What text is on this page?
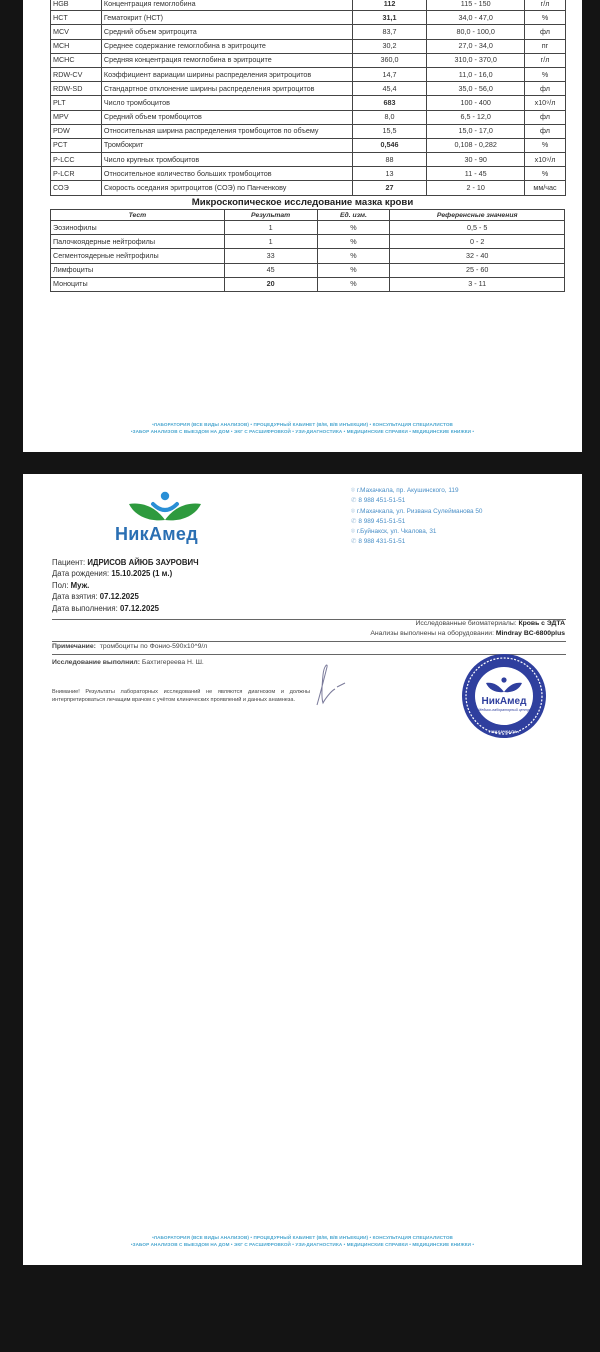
HGB	Концентрация гемоглобина	112	115 - 150	г/л
HCT	Гематокрит (НСТ)	31,1	34,0 - 47,0	%
MCV	Средний объем эритроцита	83,7	80,0 - 100,0	фл
MCH	Среднее содержание гемоглобина в эритроците	30,2	27,0 - 34,0	пг
MCHC	Средняя концентрация гемоглобина в эритроците	360,0	310,0 - 370,0	г/л
RDW-CV	Коэффициент вариации ширины распределения эритроцитов	14,7	11,0 - 16,0	%
RDW-SD	Стандартное отклонение ширины распределения эритроцитов	45,4	35,0 - 56,0	фл
PLT	Число тромбоцитов	683	100 - 400	х10⁹/л
MPV	Средний объем тромбоцитов	8,0	6,5 - 12,0	фл
PDW	Относительная ширина распределения тромбоцитов по объему	15,5	15,0 - 17,0	фл
PCT	Тромбокрит	0,546	0,108 - 0,282	%
P-LCC	Число крупных тромбоцитов	88	30 - 90	х10⁹/л
P-LCR	Относительное количество больших тромбоцитов	13	11 - 45	%
СОЭ	Скорость оседания эритроцитов (СОЭ) по Панченкову	27	2 - 10	мм/час
Микроскопическое исследование мазка крови
Тест	Результат	Ед. изм.	Референсные значения
Эозинофилы	1	%	0,5 - 5
Палочкоядерные нейтрофилы	1	%	0 - 2
Сегментоядерные нейтрофилы	33	%	32 - 40
Лимфоциты	45	%	25 - 60
Моноциты	20	%	3 - 11
•ЛАБОРАТОРИЯ (ВСЕ ВИДЫ АНАЛИЗОВ) • ПРОЦЕДУРНЫЙ КАБИНЕТ (В/М, В/В ИНЪЕКЦИИ) • КОНСУЛЬТАЦИЯ СПЕЦИАЛИСТОВ
•ЗАБОР АНАЛИЗОВ С ВЫЕЗДОМ НА ДОМ • ЭКГ С РАСШИФРОВКОЙ • УЗИ-ДИАГНОСТИКА • МЕДИЦИНСКИЕ СПРАВКИ • МЕДИЦИНСКИЕ КНИЖКИ •
НикАмед
⌾ г.Махачкала, пр. Акушинского, 119
✆ 8 988 451-51-51
⌾ г.Махачкала, ул. Ризвана Сулейманова 50
✆ 8 989 451-51-51
⌾ г.Буйнакск, ул. Чкалова, 31
✆ 8 988 431-51-51
Пациент: ИДРИСОВ АЙЮБ ЗАУРОВИЧ
Дата рождения: 15.10.2025 (1 м.)
Пол: Муж.
Дата взятия: 07.12.2025
Дата выполнения: 07.12.2025
Исследованные биоматериалы: Кровь с ЭДТА
Анализы выполнены на оборудовании: Mindray BC-6800plus
Примечание: тромбоциты по Фонио-590х10^9/л
Исследование выполнил: Бахтигереева Н. Ш.
Внимание! Результаты лабораторных исследований не являются диагнозом и должны интерпретироваться лечащим врачом с учётом клинических проявлений и данных анамнеза.	НикАмед
Медико-лабораторный центр
• МАХАЧКАЛА •
•ЛАБОРАТОРИЯ (ВСЕ ВИДЫ АНАЛИЗОВ) • ПРОЦЕДУРНЫЙ КАБИНЕТ (В/М, В/В ИНЪЕКЦИИ) • КОНСУЛЬТАЦИЯ СПЕЦИАЛИСТОВ
•ЗАБОР АНАЛИЗОВ С ВЫЕЗДОМ НА ДОМ • ЭКГ С РАСШИФРОВКОЙ • УЗИ-ДИАГНОСТИКА • МЕДИЦИНСКИЕ СПРАВКИ • МЕДИЦИНСКИЕ КНИЖКИ •
